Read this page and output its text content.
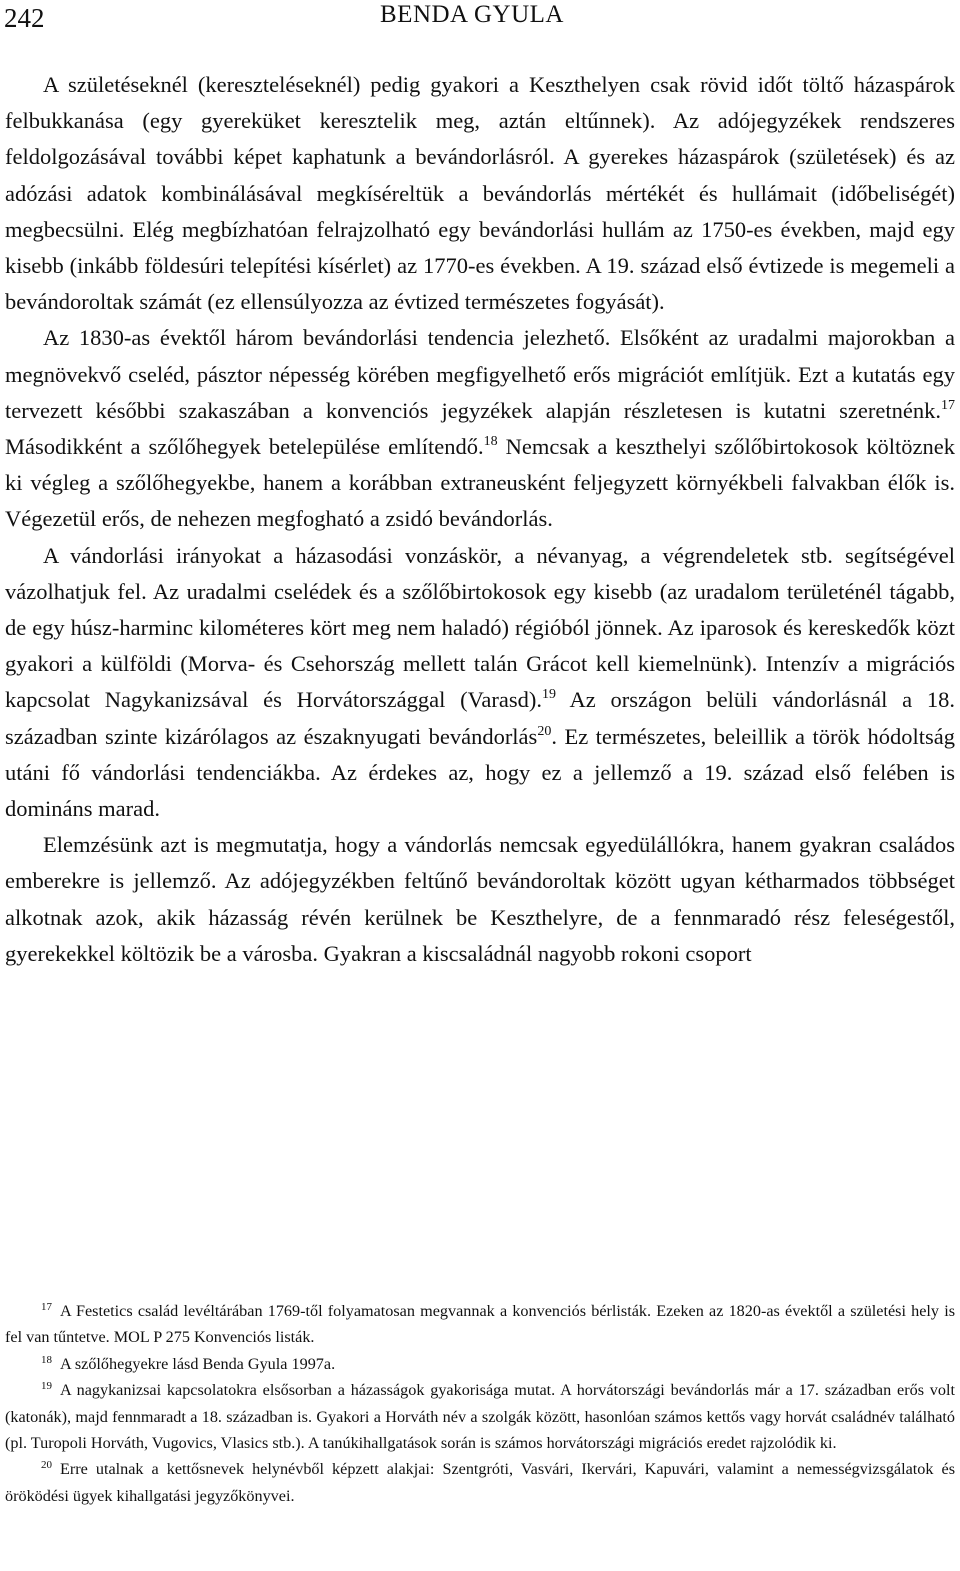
242	BENDA GYULA

A születéseknél (kereszteléseknél) pedig gyakori a Keszthelyen csak rövid időt töltő házaspárok felbukkanása (egy gyereküket keresztelik meg, aztán eltűnnek). Az adójegyzékek rendszeres feldolgozásával további képet kaphatunk a bevándorlásról. A gyerekes házaspárok (születések) és az adózási adatok kombinálásával megkíséreltük a bevándorlás mértékét és hullámait (időbeliségét) megbecsülni. Elég megbízhatóan felrajzolható egy bevándorlási hullám az 1750-es években, majd egy kisebb (inkább földesúri telepítési kísérlet) az 1770-es években. A 19. század első évtizede is megemeli a bevándoroltak számát (ez ellensúlyozza az évtized természetes fogyását).

Az 1830-as évektől három bevándorlási tendencia jelezhető. Elsőként az uradalmi majorokban a megnövekvő cseléd, pásztor népesség körében megfigyelhető erős migrációt említjük. Ezt a kutatás egy tervezett későbbi szakaszában a konvenciós jegyzékek alapján részletesen is kutatni szeretnénk.$^{17}$ Másodikként a szőlőhegyek betelepülése említendő.$^{18}$ Nemcsak a keszthelyi szőlőbirtokosok költöznek ki végleg a szőlőhegyekbe, hanem a korábban extraneusként feljegyzett környékbeli falvakban élők is. Végezetül erős, de nehezen megfogható a zsidó bevándorlás.

A vándorlási irányokat a házasodási vonzáskör, a névanyag, a végrendeletek stb. segítségével vázolhatjuk fel. Az uradalmi cselédek és a szőlőbirtokosok egy kisebb (az uradalom területénél tágabb, de egy húsz-harminc kilométeres kört meg nem haladó) régióból jönnek. Az iparosok és kereskedők közt gyakori a külföldi (Morva- és Csehország mellett talán Grácot kell kiemelnünk). Intenzív a migrációs kapcsolat Nagykanizsával és Horvátországgal (Varasd).$^{19}$ Az országon belüli vándorlásnál a 18. században szinte kizárólagos az északnyugati bevándorlás$^{20}$. Ez természetes, beleillik a török hódoltság utáni fő vándorlási tendenciákba. Az érdekes az, hogy ez a jellemző a 19. század első felében is domináns marad.

Elemzésünk azt is megmutatja, hogy a vándorlás nemcsak egyedülállókra, hanem gyakran családos emberekre is jellemző. Az adójegyzékben feltűnő bevándoroltak között ugyan kétharmados többséget alkotnak azok, akik házasság révén kerülnek be Keszthelyre, de a fennmaradó rész feleségestől, gyerekekkel költözik be a városba. Gyakran a kiscsaládnál nagyobb rokoni csoport

$^{17}$ A Festetics család levéltárában 1769-től folyamatosan megvannak a konvenciós bérlisták. Ezeken az 1820-as évektől a születési hely is fel van tűntetve. MOL P 275 Konvenciós listák.

$^{18}$ A szőlőhegyekre lásd Benda Gyula 1997a.

$^{19}$ A nagykanizsai kapcsolatokra elsősorban a házasságok gyakorisága mutat. A horvátországi bevándorlás már a 17. században erős volt (katonák), majd fennmaradt a 18. században is. Gyakori a Horváth név a szolgák között, hasonlóan számos kettős vagy horvát családnév található (pl. Turopoli Horváth, Vugovics, Vlasics stb.). A tanúkihallgatások során is számos horvátországi migrációs eredet rajzolódik ki.

$^{20}$ Erre utalnak a kettősnevek helynévből képzett alakjai: Szentgróti, Vasvári, Ikervári, Kapuvári, valamint a nemességvizsgálatok és öröködési ügyek kihallgatási jegyzőkönyvei.
